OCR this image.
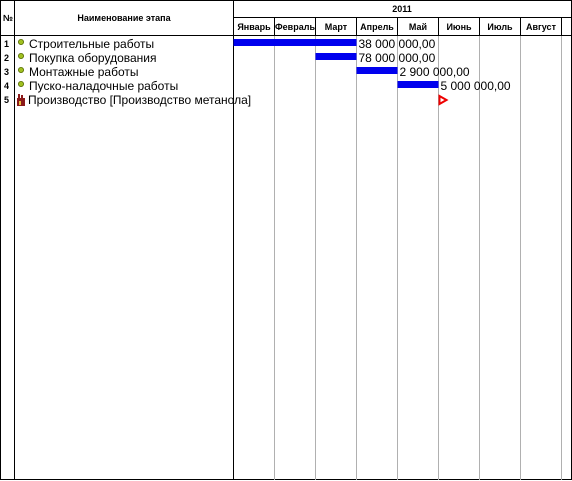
№	Наименование этапа
2011
Январь Февраль Март Апрель Май Июнь Июль Август
1 Строительные работы	38 000 000,00
2 Покупка оборудования	78 000 000,00
3 Монтажные работы	2 900 000,00
4 Пуско-наладочные работы	5 000 000,00
5 Производство [Производство метанола]
